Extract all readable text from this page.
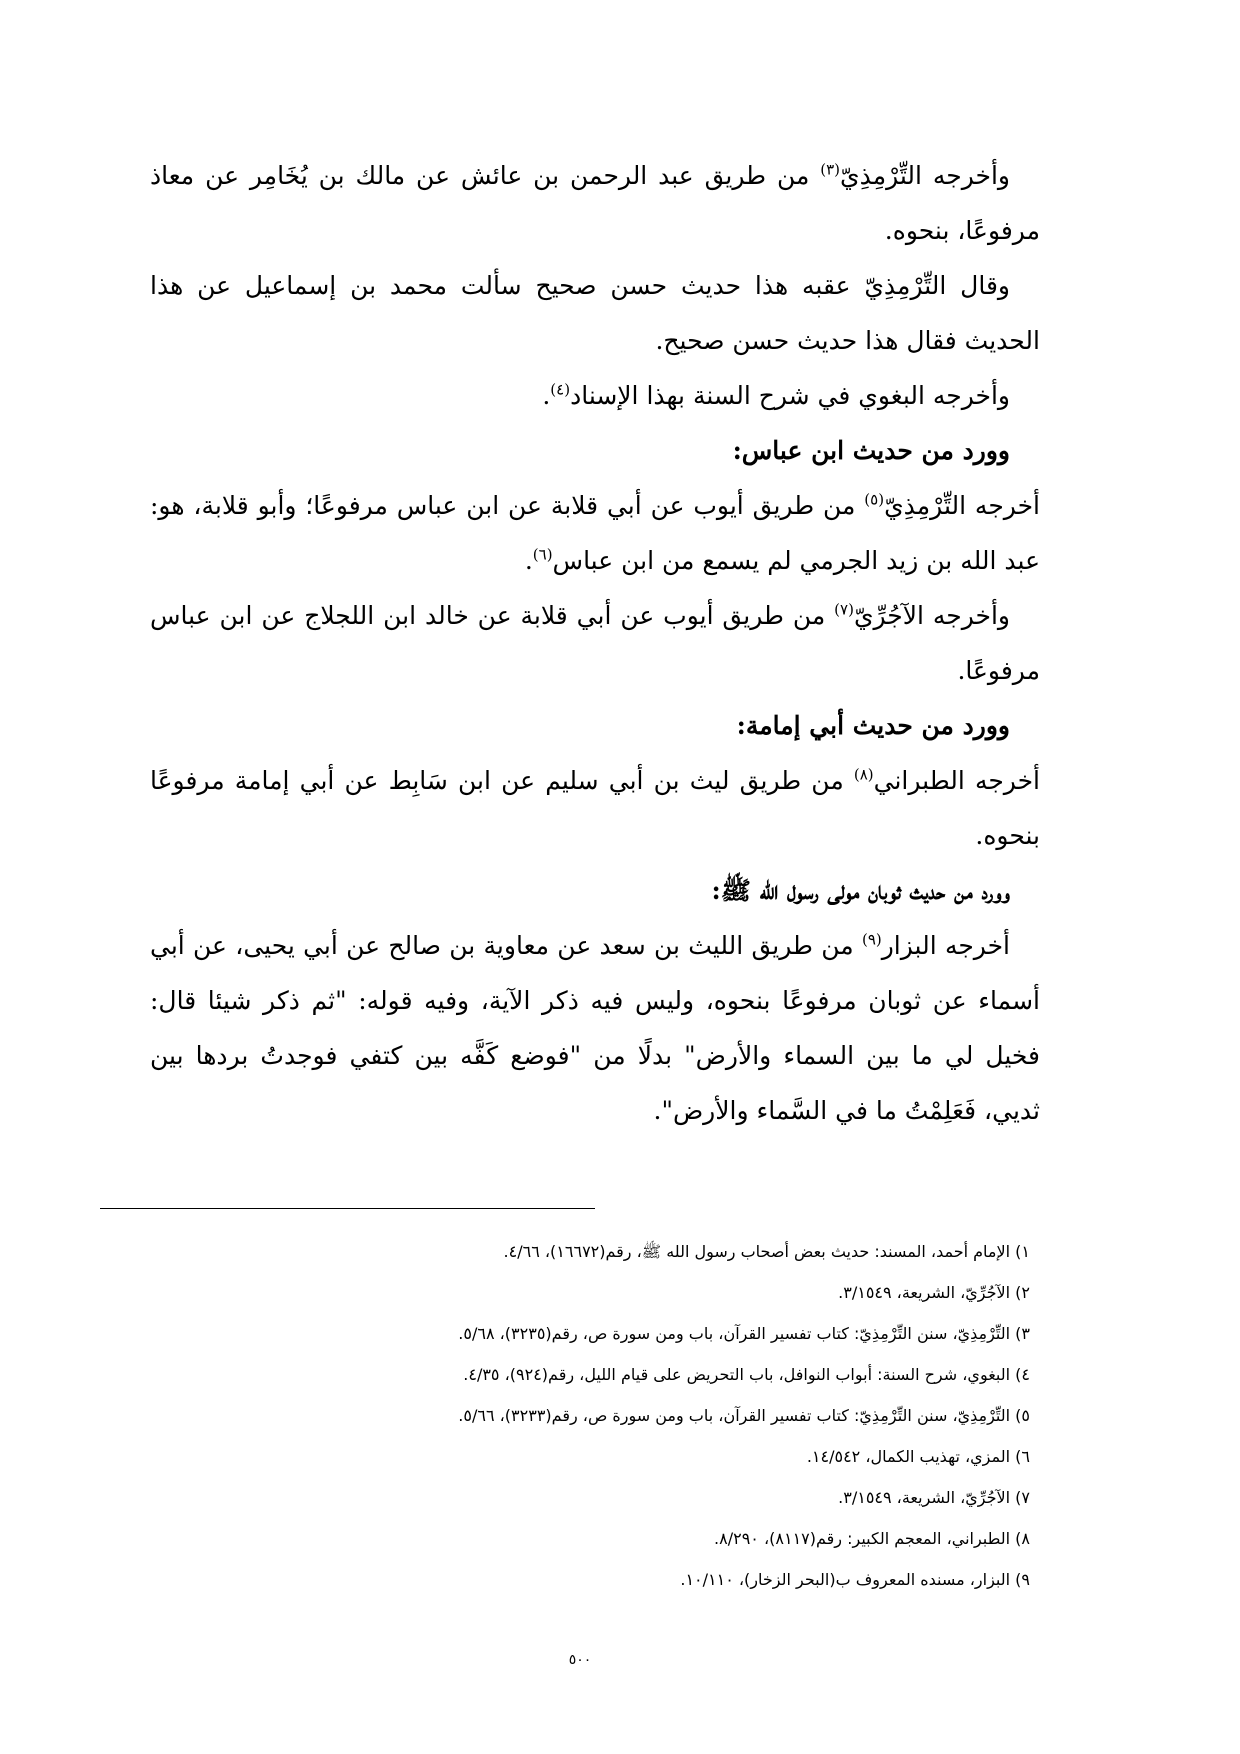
وأخرجه التِّرْمِذِيّ$^{(٣)}$ من طريق عبد الرحمن بن عائش عن مالك بن يُخَامِر عن معاذ مرفوعًا، بنحوه.

وقال التِّرْمِذِيّ عقبه هذا حديث حسن صحيح سألت محمد بن إسماعيل عن هذا الحديث فقال هذا حديث حسن صحيح.

وأخرجه البغوي في شرح السنة بهذا الإسناد$^{(٤)}$.

وورد من حديث ابن عباس:

أخرجه التِّرْمِذِيّ$^{(٥)}$ من طريق أيوب عن أبي قلابة عن ابن عباس مرفوعًا؛ وأبو قلابة، هو: عبد الله بن زيد الجرمي لم يسمع من ابن عباس$^{(٦)}$.

وأخرجه الآجُرِّيّ$^{(٧)}$ من طريق أيوب عن أبي قلابة عن خالد ابن اللجلاج عن ابن عباس مرفوعًا.

وورد من حديث أبي إمامة:

أخرجه الطبراني$^{(٨)}$ من طريق ليث بن أبي سليم عن ابن سَابِط عن أبي إمامة مرفوعًا بنحوه.

وورد من حديث ثوبان مولى رسول الله ﷺ:

أخرجه البزار$^{(٩)}$ من طريق الليث بن سعد عن معاوية بن صالح عن أبي يحيى، عن أبي أسماء عن ثوبان مرفوعًا بنحوه، وليس فيه ذكر الآية، وفيه قوله: "ثم ذكر شيئا قال: فخيل لي ما بين السماء والأرض" بدلًا من "فوضع كَفَّه بين كتفي فوجدتُ بردها بين ثديي، فَعَلِمْتُ ما في السَّماء والأرض".

١) الإمام أحمد، المسند: حديث بعض أصحاب رسول الله ﷺ، رقم(١٦٦٧٢)، ٤/٦٦.

٢) الآجُرِّيّ، الشريعة، ٣/١٥٤٩.

٣) التِّرْمِذِيّ، سنن التِّرْمِذِيّ: كتاب تفسير القرآن، باب ومن سورة ص، رقم(٣٢٣٥)، ٥/٦٨.

٤) البغوي، شرح السنة: أبواب النوافل، باب التحريض على قيام الليل، رقم(٩٢٤)، ٤/٣٥.

٥) التِّرْمِذِيّ، سنن التِّرْمِذِيّ: كتاب تفسير القرآن، باب ومن سورة ص، رقم(٣٢٣٣)، ٥/٦٦.

٦) المزي، تهذيب الكمال، ١٤/٥٤٢.

٧) الآجُرِّيّ، الشريعة، ٣/١٥٤٩.

٨) الطبراني، المعجم الكبير: رقم(٨١١٧)، ٨/٢٩٠.

٩) البزار، مسنده المعروف ب(البحر الزخار)، ١٠/١١٠.

٥٠٠
